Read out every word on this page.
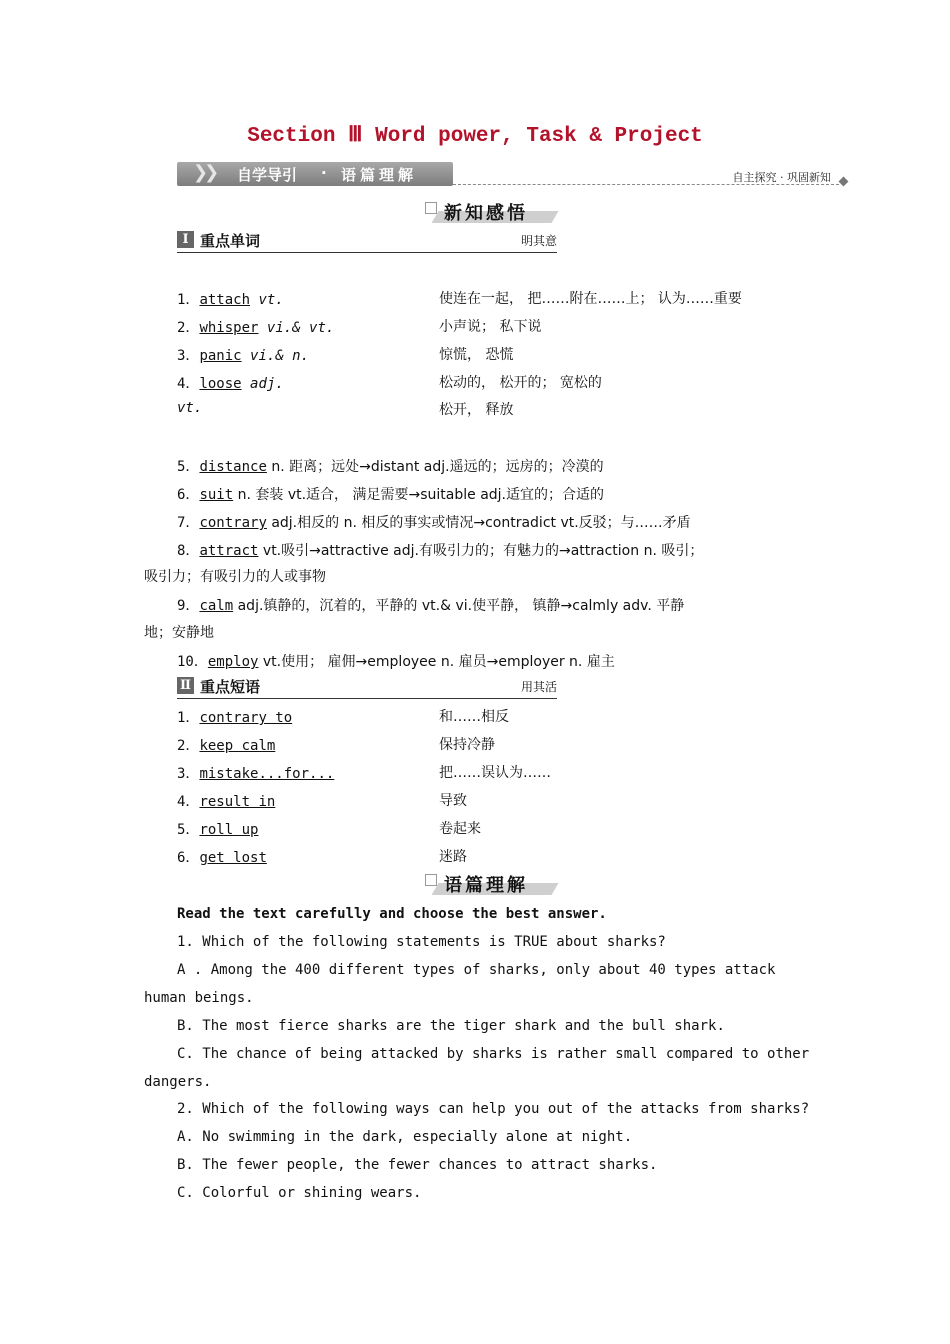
Section Ⅲ Word power, Task & Project
❯❯ 自学导引 · 语篇理解	自主探究 · 巩固新知
新知感悟
Ⅰ 重点单词	明其意
1．attach vt.	使连在一起， 把……附在……上； 认为……重要
2．whisper vi.& vt.	小声说； 私下说
3．panic vi.& n.	惊慌， 恐慌
4．loose adj.	松动的， 松开的； 宽松的
vt.	松开， 释放
5．distance n. 距离；远处→distant adj.遥远的；远房的；冷漠的
6．suit n. 套装 vt.适合， 满足需要→suitable adj.适宜的；合适的
7．contrary adj.相反的 n. 相反的事实或情况→contradict vt.反驳；与……矛盾
8．attract vt.吸引→attractive adj.有吸引力的；有魅力的→attraction n. 吸引；
吸引力；有吸引力的人或事物
9．calm adj.镇静的，沉着的，平静的 vt.& vi.使平静， 镇静→calmly adv. 平静
地；安静地
10．employ vt.使用； 雇佣→employee n. 雇员→employer n. 雇主
Ⅱ 重点短语	用其活
1．contrary to	和……相反
2．keep calm	保持冷静
3．mistake...for...	把……误认为……
4．result in	导致
5．roll up	卷起来
6．get lost	迷路
语篇理解
Read the text carefully and choose the best answer.
1. Which of the following statements is TRUE about sharks?
A . Among the 400 different types of sharks, only about 40 types attack
human beings.
B. The most fierce sharks are the tiger shark and the bull shark.
C. The chance of being attacked by sharks is rather small compared to other
dangers.
2. Which of the following ways can help you out of the attacks from sharks?
A. No swimming in the dark, especially alone at night.
B. The fewer people, the fewer chances to attract sharks.
C. Colorful or shining wears.
